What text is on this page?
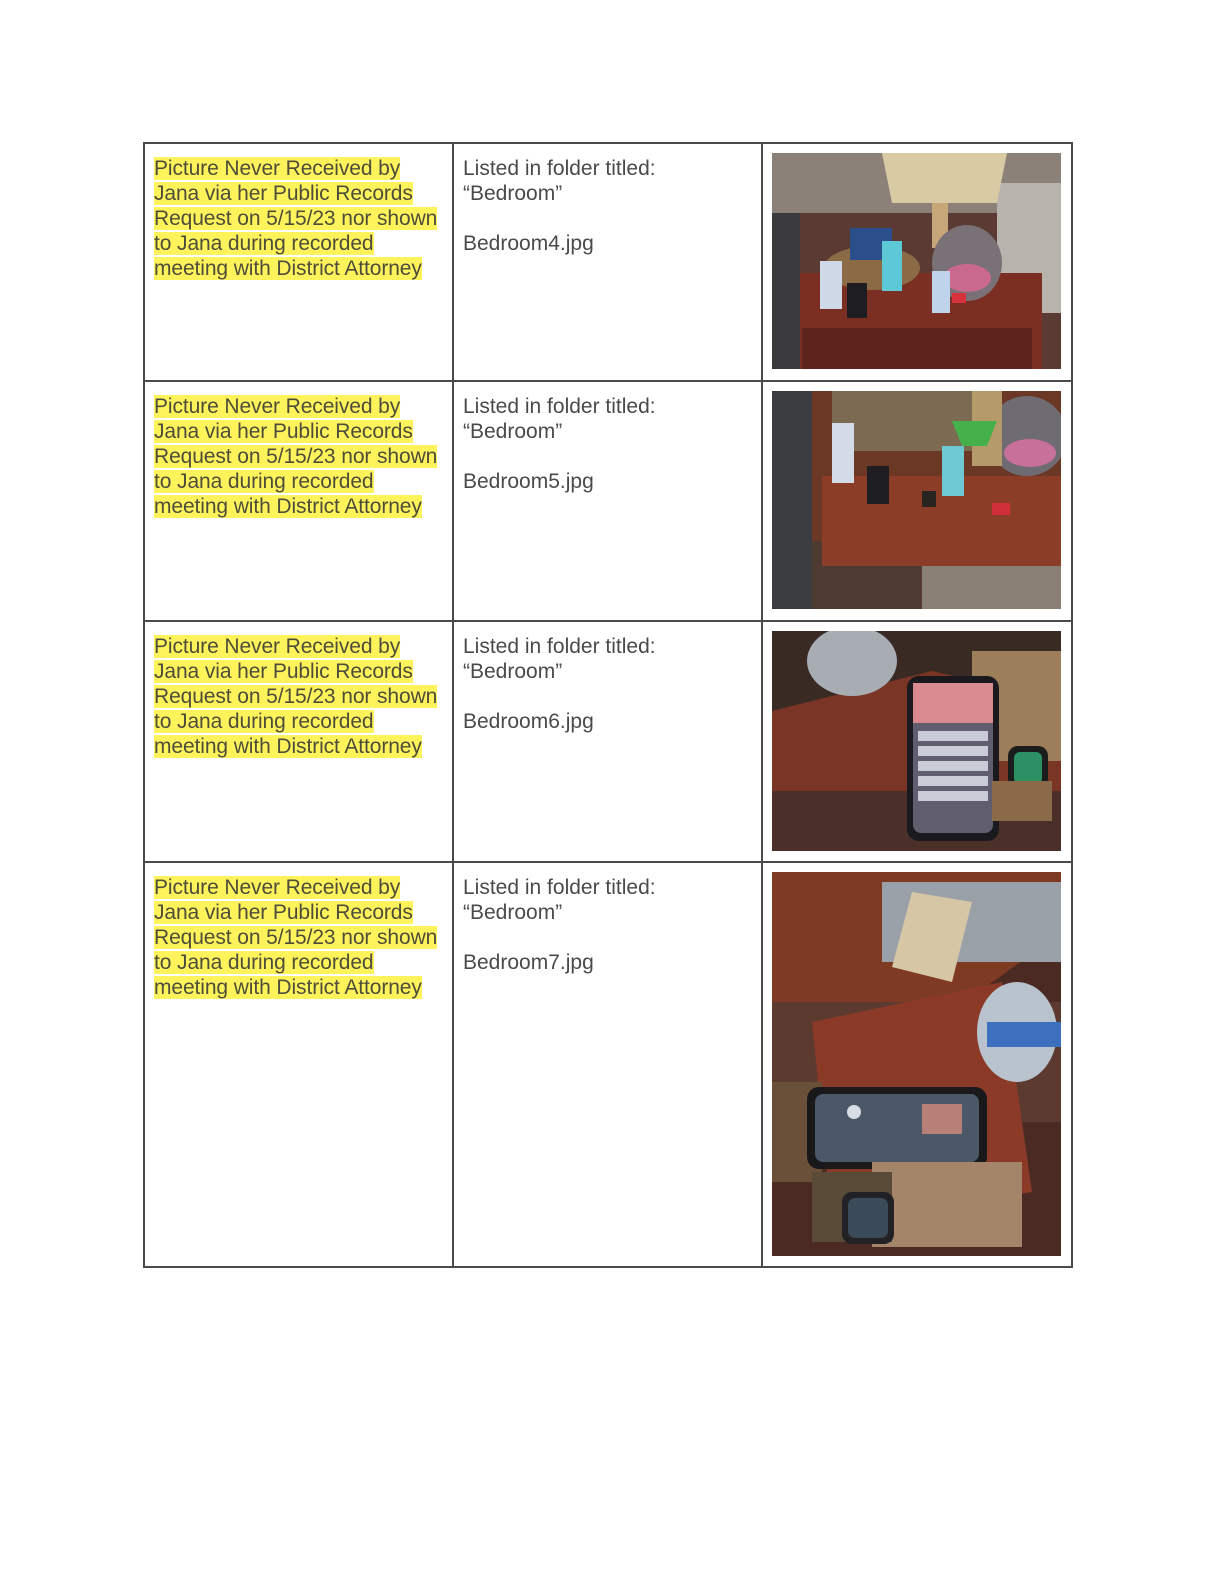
Picture Never Received by Jana via her Public Records Request on 5/15/23 nor shown to Jana during recorded meeting with District Attorney	Listed in folder titled:
“Bedroom”
Bedroom4.jpg

Picture Never Received by Jana via her Public Records Request on 5/15/23 nor shown to Jana during recorded meeting with District Attorney	Listed in folder titled:
“Bedroom”
Bedroom5.jpg

Picture Never Received by Jana via her Public Records Request on 5/15/23 nor shown to Jana during recorded meeting with District Attorney	Listed in folder titled:
“Bedroom”
Bedroom6.jpg

Picture Never Received by Jana via her Public Records Request on 5/15/23 nor shown to Jana during recorded meeting with District Attorney	Listed in folder titled:
“Bedroom”
Bedroom7.jpg
